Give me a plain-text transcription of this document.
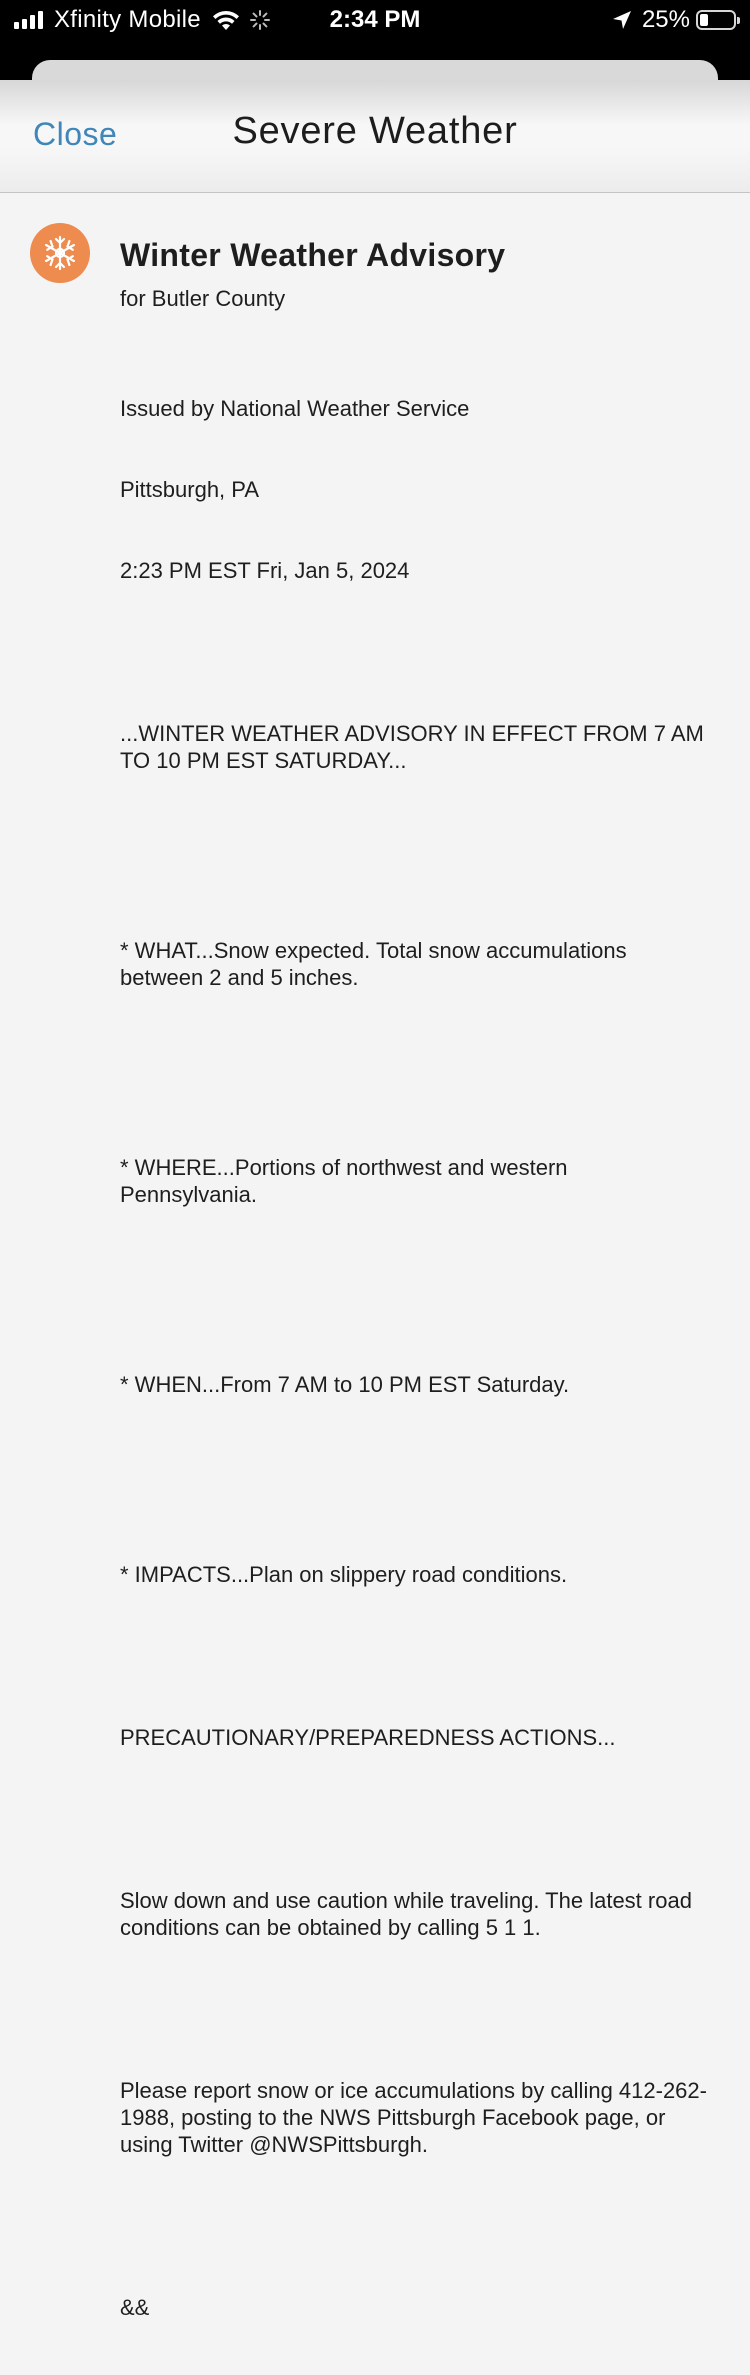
Xfinity Mobile	2:34 PM	25%
Close	Severe Weather
Winter Weather Advisory
for Butler County

Issued by National Weather Service

Pittsburgh, PA

2:23 PM EST Fri, Jan 5, 2024

...WINTER WEATHER ADVISORY IN EFFECT FROM 7 AM TO 10 PM EST SATURDAY...

* WHAT...Snow expected. Total snow accumulations between 2 and 5 inches.

* WHERE...Portions of northwest and western Pennsylvania.

* WHEN...From 7 AM to 10 PM EST Saturday.

* IMPACTS...Plan on slippery road conditions.

PRECAUTIONARY/PREPAREDNESS ACTIONS...

Slow down and use caution while traveling. The latest road conditions can be obtained by calling 5 1 1.

Please report snow or ice accumulations by calling 412-262-1988, posting to the NWS Pittsburgh Facebook page, or using Twitter @NWSPittsburgh.

&&
